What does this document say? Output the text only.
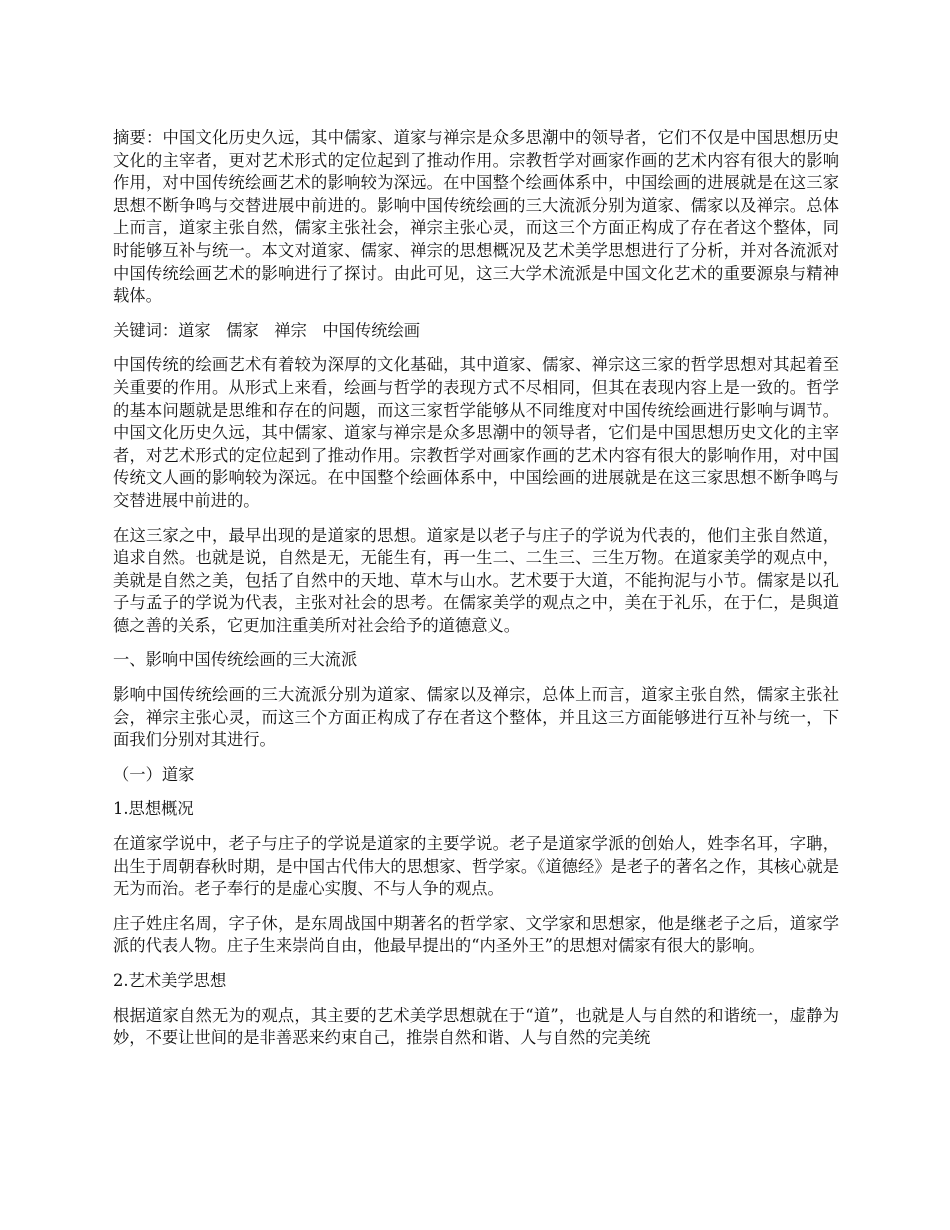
摘要：中国文化历史久远，其中儒家、道家与禅宗是众多思潮中的领导者，它们不仅是中国思想历史文化的主宰者，更对艺术形式的定位起到了推动作用。宗教哲学对画家作画的艺术内容有很大的影响作用，对中国传统绘画艺术的影响较为深远。在中国整个绘画体系中，中国绘画的进展就是在这三家思想不断争鸣与交替进展中前进的。影响中国传统绘画的三大流派分别为道家、儒家以及禅宗。总体上而言，道家主张自然，儒家主张社会，禅宗主张心灵，而这三个方面正构成了存在者这个整体，同时能够互补与统一。本文对道家、儒家、禅宗的思想概况及艺术美学思想进行了分析，并对各流派对中国传统绘画艺术的影响进行了探讨。由此可见，这三大学术流派是中国文化艺术的重要源泉与精神载体。

关键词：道家   儒家   禅宗   中国传统绘画

中国传统的绘画艺术有着较为深厚的文化基础，其中道家、儒家、禅宗这三家的哲学思想对其起着至关重要的作用。从形式上来看，绘画与哲学的表现方式不尽相同，但其在表现内容上是一致的。哲学的基本问题就是思维和存在的问题，而这三家哲学能够从不同维度对中国传统绘画进行影响与调节。中国文化历史久远，其中儒家、道家与禅宗是众多思潮中的领导者，它们是中国思想历史文化的主宰者，对艺术形式的定位起到了推动作用。宗教哲学对画家作画的艺术内容有很大的影响作用，对中国传统文人画的影响较为深远。在中国整个绘画体系中，中国绘画的进展就是在这三家思想不断争鸣与交替进展中前进的。

在这三家之中，最早出现的是道家的思想。道家是以老子与庄子的学说为代表的，他们主张自然道，追求自然。也就是说，自然是无，无能生有，再一生二、二生三、三生万物。在道家美学的观点中，美就是自然之美，包括了自然中的天地、草木与山水。艺术要于大道，不能拘泥与小节。儒家是以孔子与孟子的学说为代表，主张对社会的思考。在儒家美学的观点之中，美在于礼乐，在于仁，是與道德之善的关系，它更加注重美所对社会给予的道德意义。

一、影响中国传统绘画的三大流派

影响中国传统绘画的三大流派分别为道家、儒家以及禅宗，总体上而言，道家主张自然，儒家主张社会，禅宗主张心灵，而这三个方面正构成了存在者这个整体，并且这三方面能够进行互补与统一，下面我们分别对其进行。

（一）道家

1.思想概况

在道家学说中，老子与庄子的学说是道家的主要学说。老子是道家学派的创始人，姓李名耳，字聃，出生于周朝春秋时期，是中国古代伟大的思想家、哲学家。《道德经》是老子的著名之作，其核心就是无为而治。老子奉行的是虚心实腹、不与人争的观点。

庄子姓庄名周，字子休，是东周战国中期著名的哲学家、文学家和思想家，他是继老子之后，道家学派的代表人物。庄子生来崇尚自由，他最早提出的“内圣外王”的思想对儒家有很大的影响。

2.艺术美学思想

根据道家自然无为的观点，其主要的艺术美学思想就在于“道”，也就是人与自然的和谐统一，虚静为妙，不要让世间的是非善恶来约束自己，推崇自然和谐、人与自然的完美统
